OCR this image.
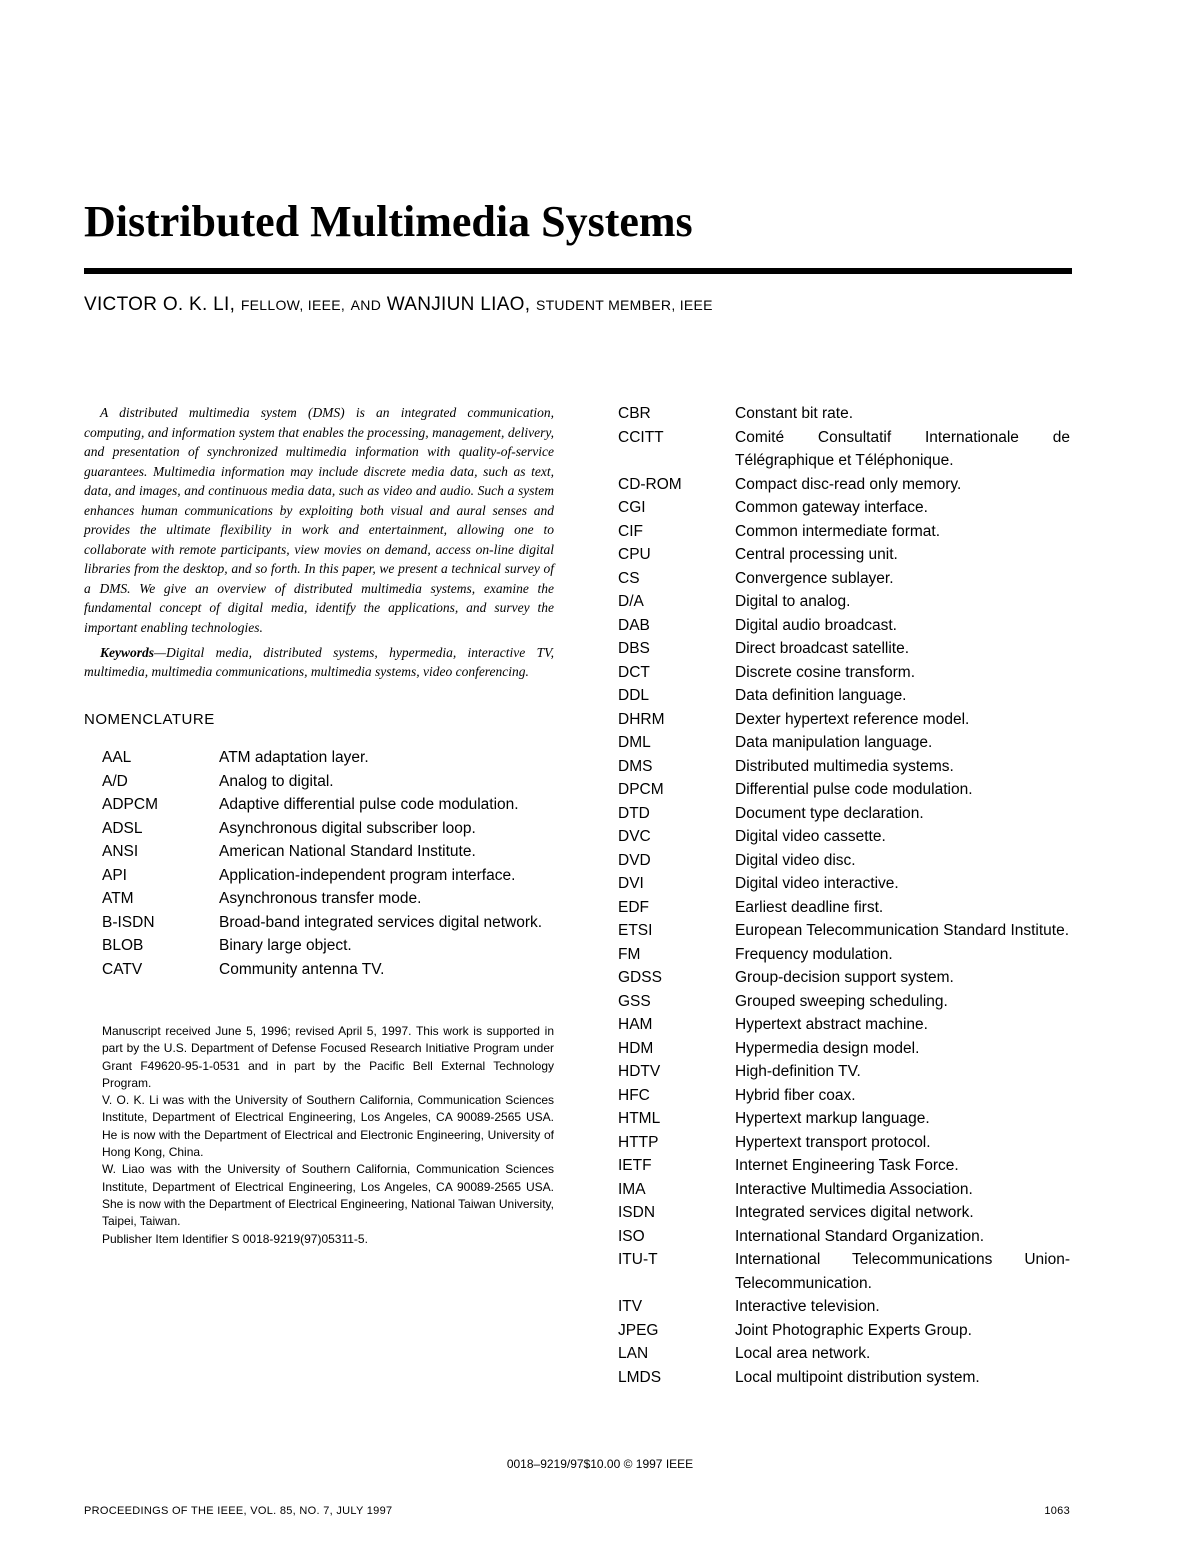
Distributed Multimedia Systems
VICTOR O. K. LI, FELLOW, IEEE, AND WANJIUN LIAO, STUDENT MEMBER, IEEE

A distributed multimedia system (DMS) is an integrated communication, computing, and information system that enables the processing, management, delivery, and presentation of synchronized multimedia information with quality-of-service guarantees. Multimedia information may include discrete media data, such as text, data, and images, and continuous media data, such as video and audio. Such a system enhances human communications by exploiting both visual and aural senses and provides the ultimate flexibility in work and entertainment, allowing one to collaborate with remote participants, view movies on demand, access on-line digital libraries from the desktop, and so forth. In this paper, we present a technical survey of a DMS. We give an overview of distributed multimedia systems, examine the fundamental concept of digital media, identify the applications, and survey the important enabling technologies.

Keywords—Digital media, distributed systems, hypermedia, interactive TV, multimedia, multimedia communications, multimedia systems, video conferencing.

NOMENCLATURE
AAL	ATM adaptation layer.
A/D	Analog to digital.
ADPCM	Adaptive differential pulse code modulation.
ADSL	Asynchronous digital subscriber loop.
ANSI	American National Standard Institute.
API	Application-independent program interface.
ATM	Asynchronous transfer mode.
B-ISDN	Broad-band integrated services digital network.
BLOB	Binary large object.
CATV	Community antenna TV.

Manuscript received June 5, 1996; revised April 5, 1997. This work is supported in part by the U.S. Department of Defense Focused Research Initiative Program under Grant F49620-95-1-0531 and in part by the Pacific Bell External Technology Program.

V. O. K. Li was with the University of Southern California, Communication Sciences Institute, Department of Electrical Engineering, Los Angeles, CA 90089-2565 USA. He is now with the Department of Electrical and Electronic Engineering, University of Hong Kong, China.

W. Liao was with the University of Southern California, Communication Sciences Institute, Department of Electrical Engineering, Los Angeles, CA 90089-2565 USA. She is now with the Department of Electrical Engineering, National Taiwan University, Taipei, Taiwan.

Publisher Item Identifier S 0018-9219(97)05311-5.

CBR	Constant bit rate.
CCITT	Comité Consultatif Internationale de Télégraphique et Téléphonique.
CD-ROM	Compact disc-read only memory.
CGI	Common gateway interface.
CIF	Common intermediate format.
CPU	Central processing unit.
CS	Convergence sublayer.
D/A	Digital to analog.
DAB	Digital audio broadcast.
DBS	Direct broadcast satellite.
DCT	Discrete cosine transform.
DDL	Data definition language.
DHRM	Dexter hypertext reference model.
DML	Data manipulation language.
DMS	Distributed multimedia systems.
DPCM	Differential pulse code modulation.
DTD	Document type declaration.
DVC	Digital video cassette.
DVD	Digital video disc.
DVI	Digital video interactive.
EDF	Earliest deadline first.
ETSI	European Telecommunication Standard Institute.
FM	Frequency modulation.
GDSS	Group-decision support system.
GSS	Grouped sweeping scheduling.
HAM	Hypertext abstract machine.
HDM	Hypermedia design model.
HDTV	High-definition TV.
HFC	Hybrid fiber coax.
HTML	Hypertext markup language.
HTTP	Hypertext transport protocol.
IETF	Internet Engineering Task Force.
IMA	Interactive Multimedia Association.
ISDN	Integrated services digital network.
ISO	International Standard Organization.
ITU-T	International Telecommunications Union-Telecommunication.
ITV	Interactive television.
JPEG	Joint Photographic Experts Group.
LAN	Local area network.
LMDS	Local multipoint distribution system.
0018–9219/97$10.00 © 1997 IEEE
PROCEEDINGS OF THE IEEE, VOL. 85, NO. 7, JULY 1997	1063
